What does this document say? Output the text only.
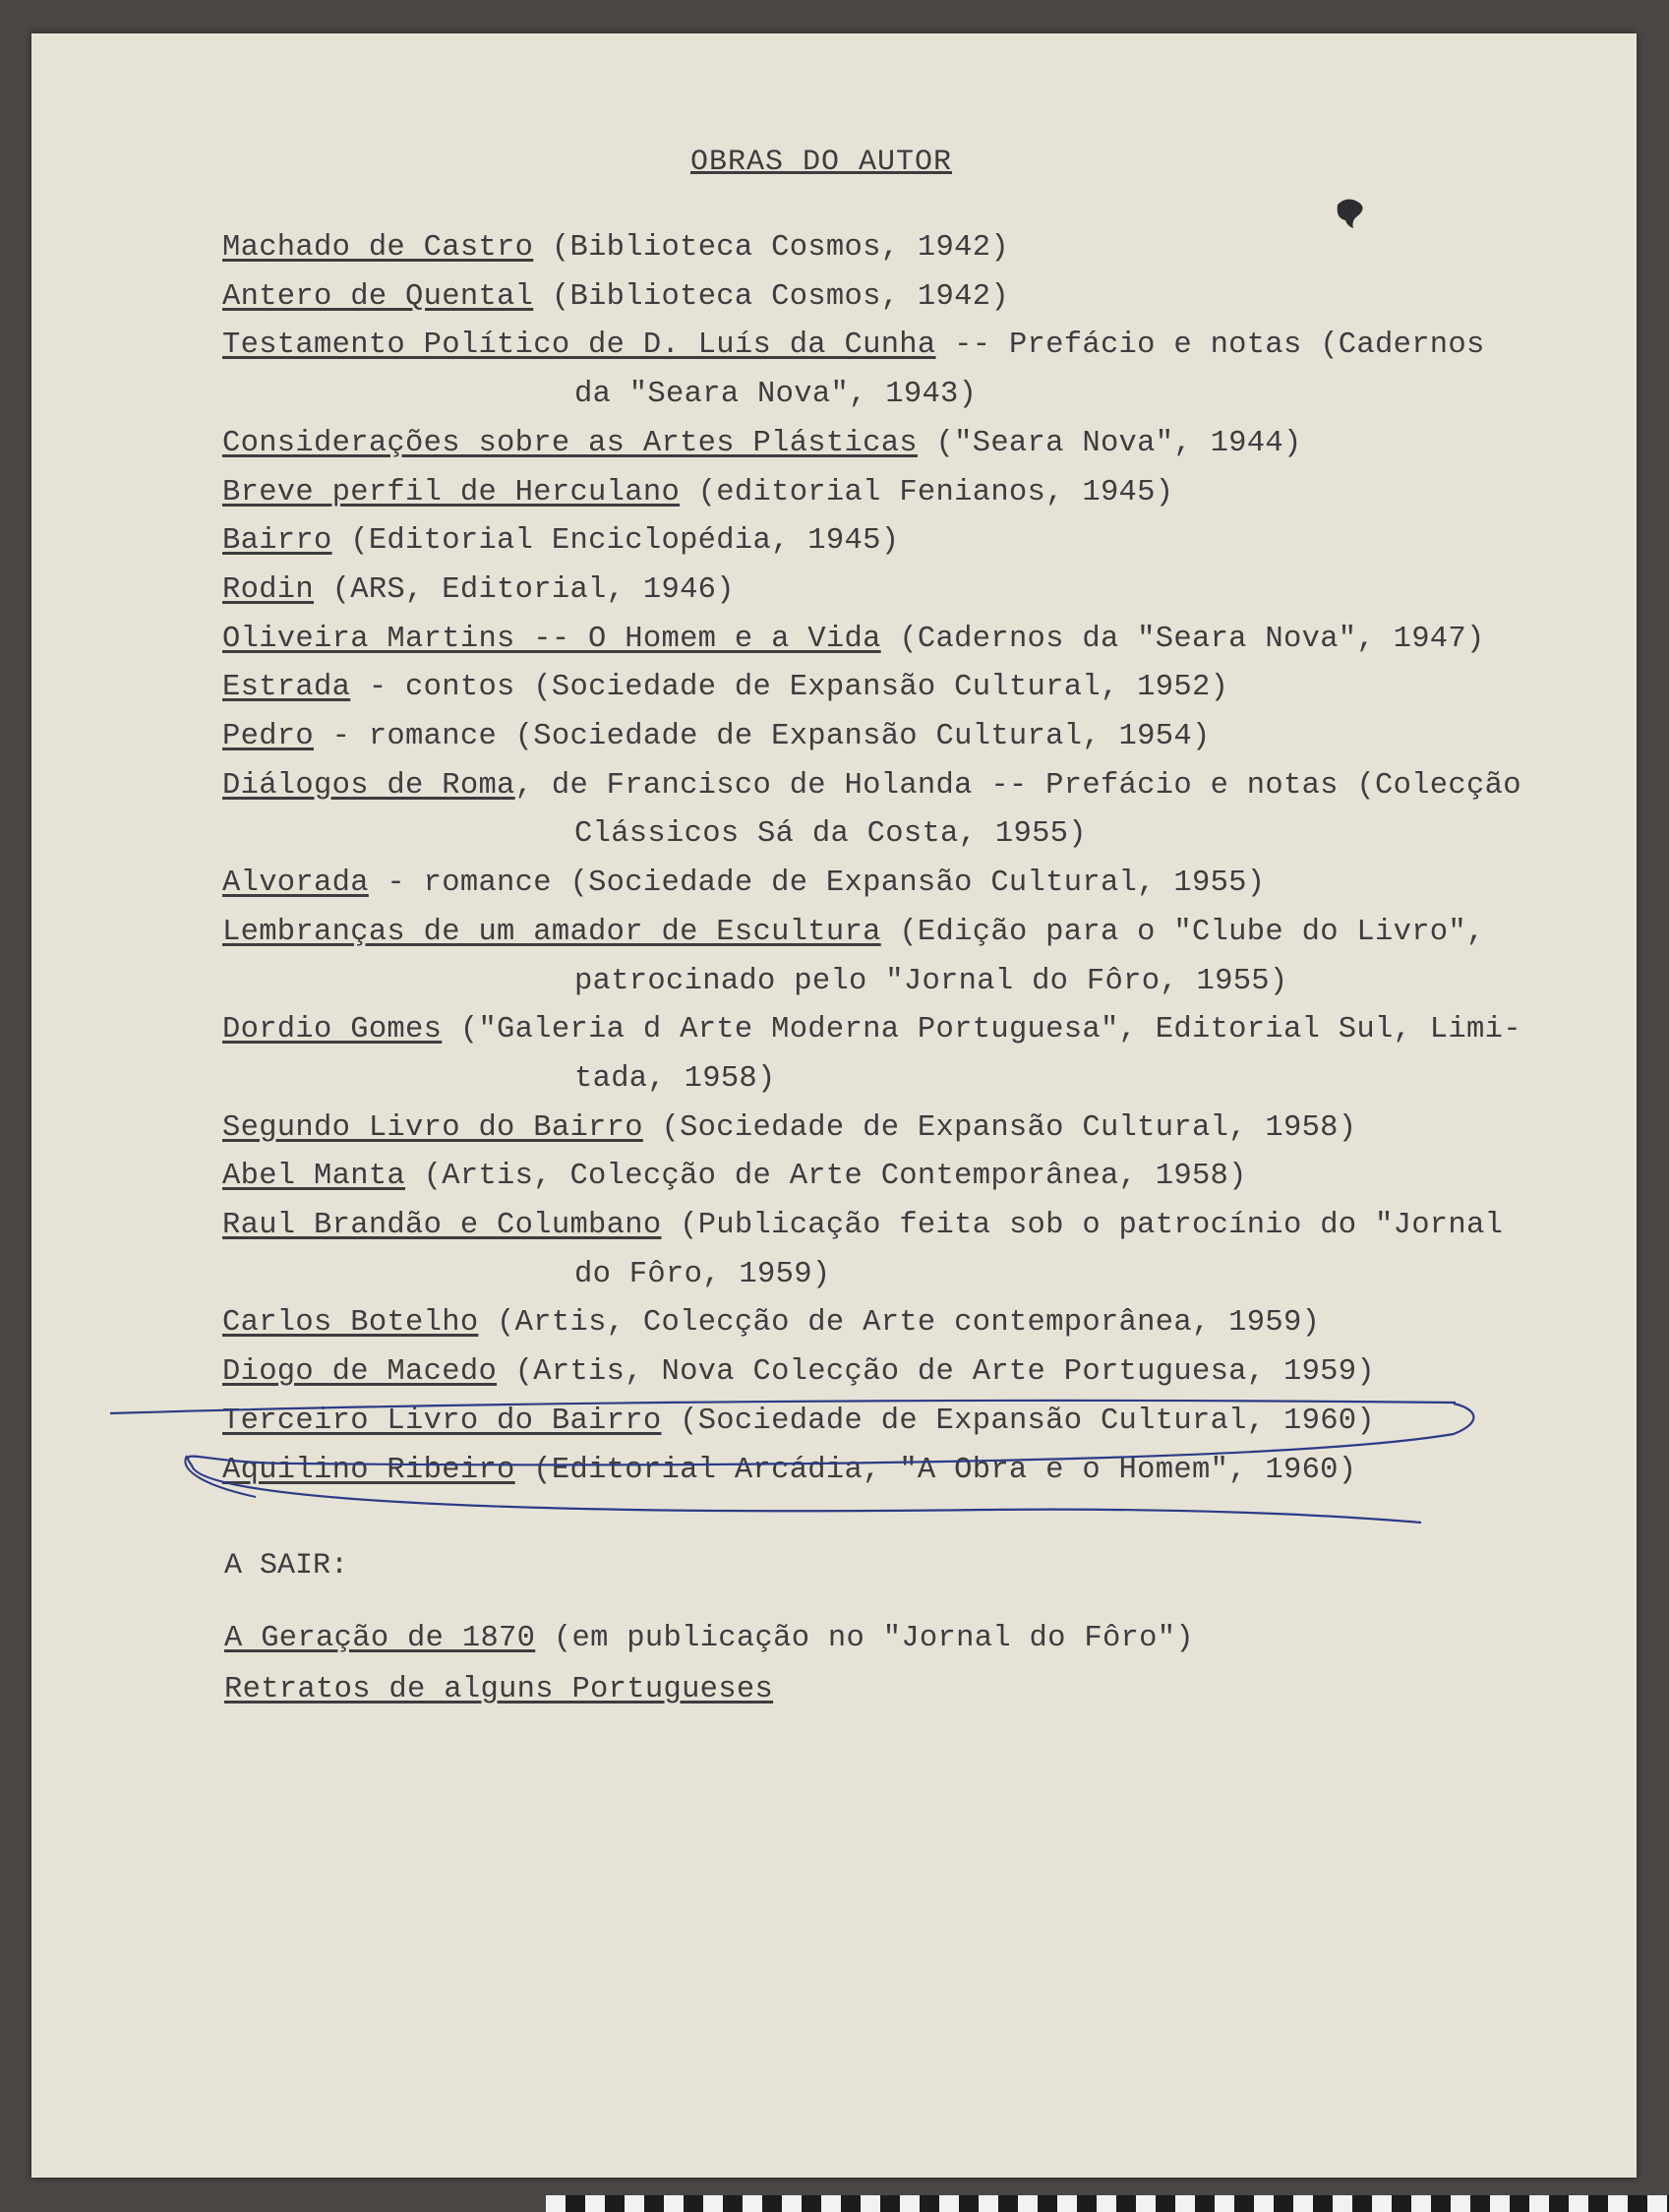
OBRAS DO AUTOR
Machado de Castro (Biblioteca Cosmos, 1942)
Antero de Quental (Biblioteca Cosmos, 1942)
Testamento Político de D. Luís da Cunha -- Prefácio e notas (Cadernos
da "Seara Nova", 1943)
Considerações sobre as Artes Plásticas ("Seara Nova", 1944)
Breve perfil de Herculano (editorial Fenianos, 1945)
Bairro (Editorial Enciclopédia, 1945)
Rodin (ARS, Editorial, 1946)
Oliveira Martins -- O Homem e a Vida (Cadernos da "Seara Nova", 1947)
Estrada - contos (Sociedade de Expansão Cultural, 1952)
Pedro - romance (Sociedade de Expansão Cultural, 1954)
Diálogos de Roma, de Francisco de Holanda -- Prefácio e notas (Colecção
Clássicos Sá da Costa, 1955)
Alvorada - romance (Sociedade de Expansão Cultural, 1955)
Lembranças de um amador de Escultura (Edição para o "Clube do Livro",
patrocinado pelo "Jornal do Fôro, 1955)
Dordio Gomes ("Galeria d Arte Moderna Portuguesa", Editorial Sul, Limi-
tada, 1958)
Segundo Livro do Bairro (Sociedade de Expansão Cultural, 1958)
Abel Manta (Artis, Colecção de Arte Contemporânea, 1958)
Raul Brandão e Columbano (Publicação feita sob o patrocínio do "Jornal
do Fôro, 1959)
Carlos Botelho (Artis, Colecção de Arte contemporânea, 1959)
Diogo de Macedo (Artis, Nova Colecção de Arte Portuguesa, 1959)
Terceiro Livro do Bairro (Sociedade de Expansão Cultural, 1960)
Aquilino Ribeiro (Editorial Arcádia, "A Obra e o Homem", 1960)
A SAIR:
A Geração de 1870 (em publicação no "Jornal do Fôro")
Retratos de alguns Portugueses
